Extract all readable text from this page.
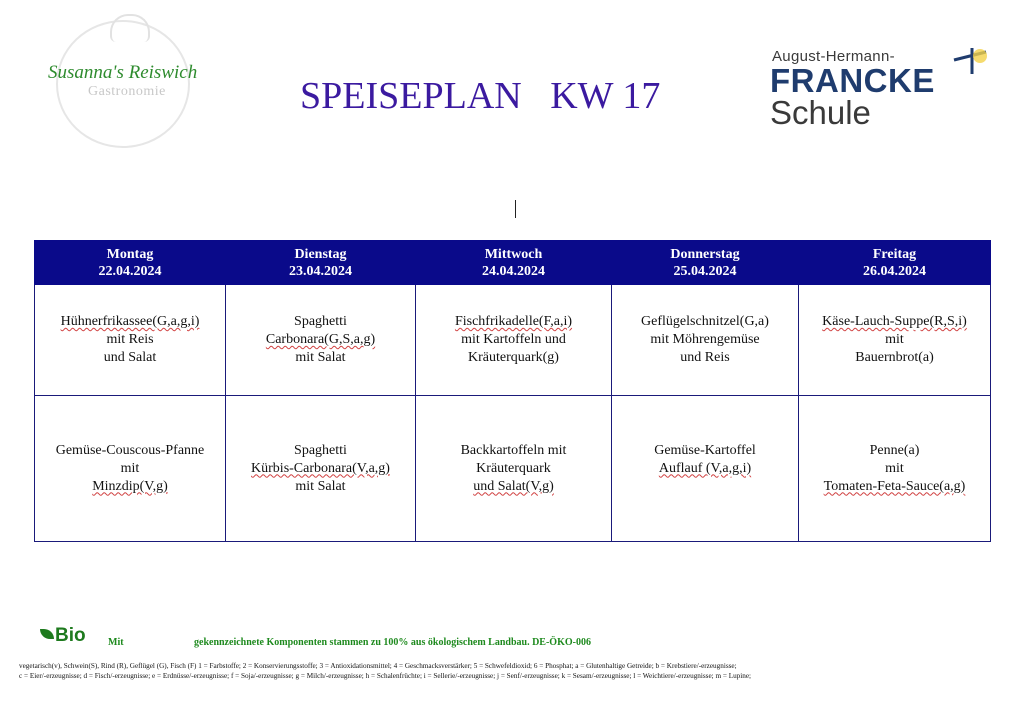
Susanna's Reiswich
Gastronomie	SPEISEPLAN   KW 17
August-Hermann-
FRANCKE
Schule
Montag
22.04.2024	Dienstag
23.04.2024	Mittwoch
24.04.2024	Donnerstag
25.04.2024	Freitag
26.04.2024
Hühnerfrikassee(G,a,g,i)
mit Reis
und Salat	Spaghetti
Carbonara(G,S,a,g)
mit Salat	Fischfrikadelle(F,a,i)
mit Kartoffeln und
Kräuterquark(g)	Geflügelschnitzel(G,a)
mit Möhrengemüse
und Reis	Käse-Lauch-Suppe(R,S,i)
mit
Bauernbrot(a)
Gemüse-Couscous-Pfanne
mit
Minzdip(V,g)	Spaghetti
Kürbis-Carbonara(V,a,g)
mit Salat	Backkartoffeln mit
Kräuterquark
und Salat(V,g)	Gemüse-Kartoffel
Auflauf (V,a,g,i)	Penne(a)
mit
Tomaten-Feta-Sauce(a,g)
Bio Mit	gekennzeichnete Komponenten stammen zu 100% aus ökologischem Landbau. DE-ÖKO-006
vegetarisch(v), Schwein(S), Rind (R), Geflügel (G), Fisch (F) 1 = Farbstoffe; 2 = Konservierungsstoffe; 3 = Antioxidationsmittel; 4 = Geschmacksverstärker; 5 = Schwefeldioxid; 6 = Phosphat; a = Glutenhaltige Getreide; b = Krebstiere/-erzeugnisse;
c = Eier/-erzeugnisse; d = Fisch/-erzeugnisse; e = Erdnüsse/-erzeugnisse; f = Soja/-erzeugnisse; g = Milch/-erzeugnisse; h = Schalenfrüchte; i = Sellerie/-erzeugnisse; j = Senf/-erzeugnisse; k = Sesam/-erzeugnisse; l = Weichtiere/-erzeugnisse; m = Lupine;
